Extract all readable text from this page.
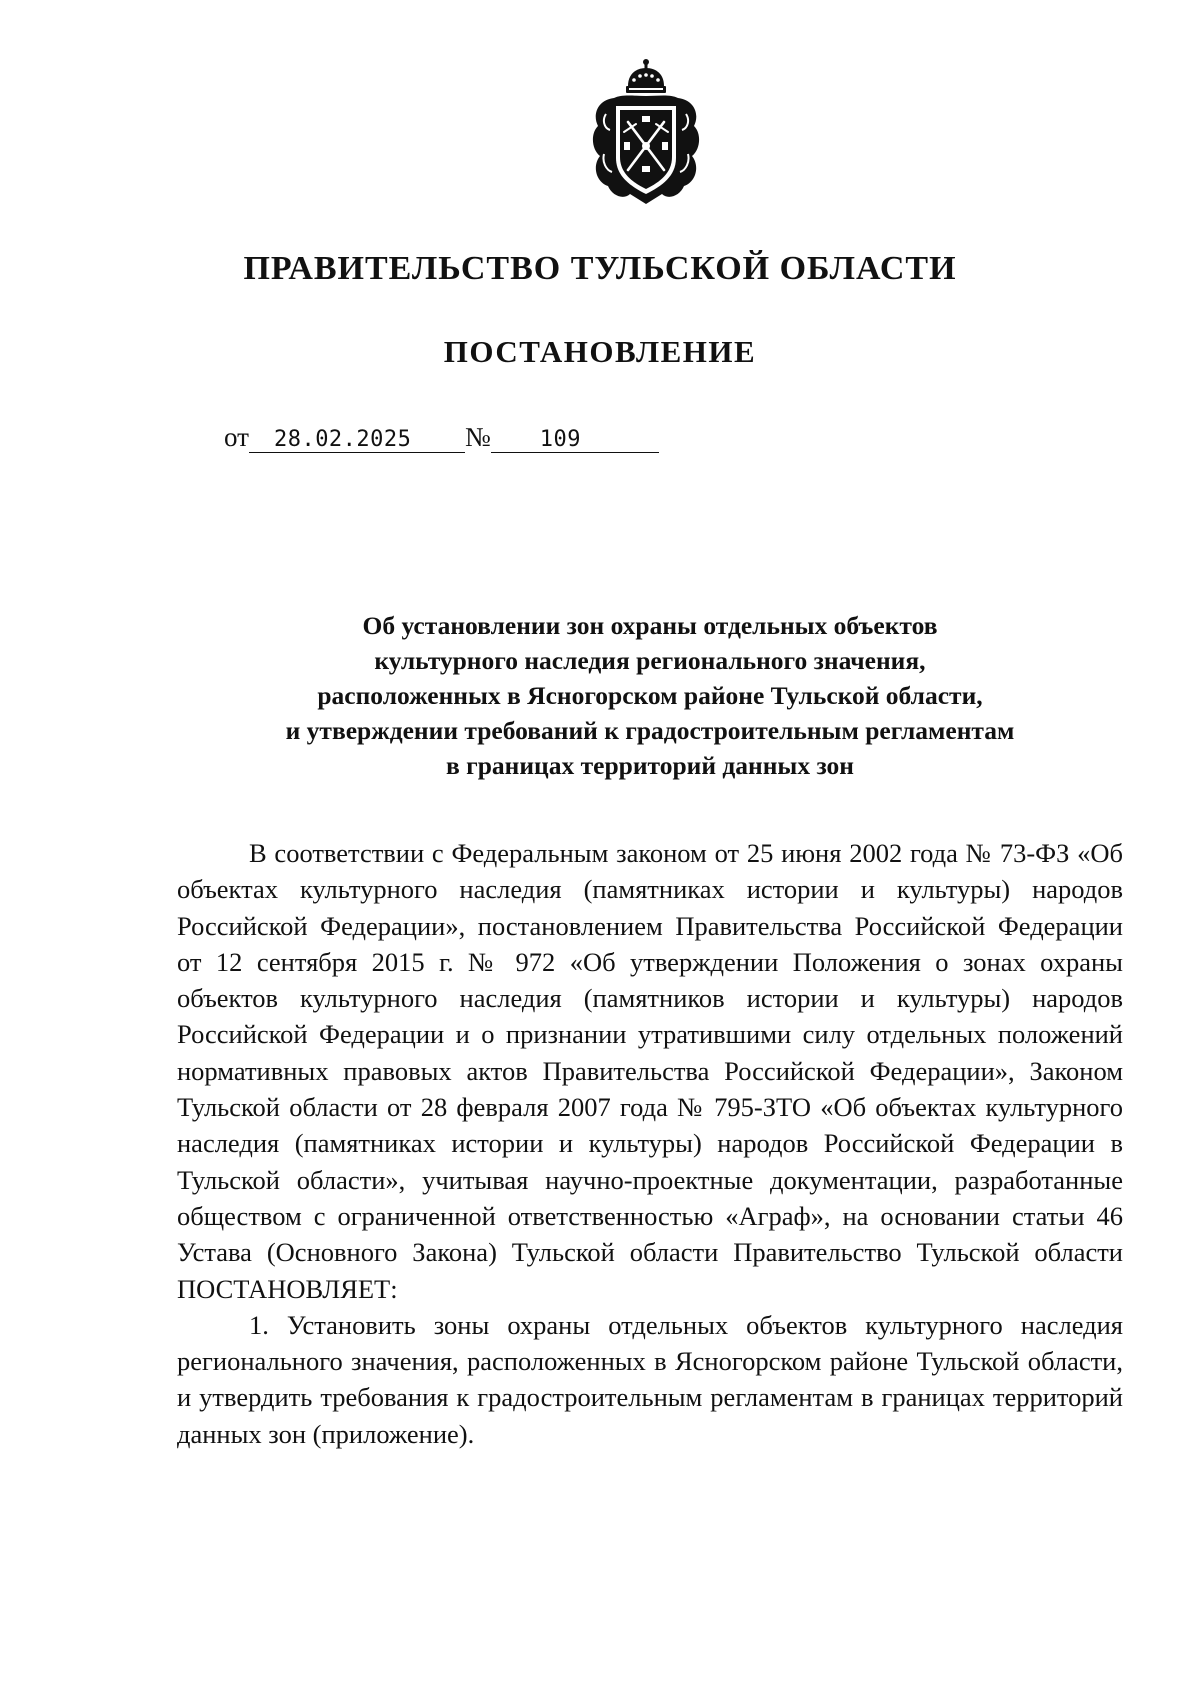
ПРАВИТЕЛЬСТВО ТУЛЬСКОЙ ОБЛАСТИ
ПОСТАНОВЛЕНИЕ
от 28.02.2025 № 109
Об установлении зон охраны отдельных объектов
культурного наследия регионального значения,
расположенных в Ясногорском районе Тульской области,
и утверждении требований к градостроительным регламентам
в границах территорий данных зон

В соответствии с Федеральным законом от 25 июня 2002 года № 73-ФЗ «Об объектах культурного наследия (памятниках истории и культуры) народов Российской Федерации», постановлением Правительства Российской Федерации от 12 сентября 2015 г. № 972 «Об утверждении Положения о зонах охраны объектов культурного наследия (памятников истории и культуры) народов Российской Федерации и о признании утратившими силу отдельных положений нормативных правовых актов Правительства Российской Федерации», Законом Тульской области от 28 февраля 2007 года № 795-ЗТО «Об объектах культурного наследия (памятниках истории и культуры) народов Российской Федерации в Тульской области», учитывая научно-проектные документации, разработанные обществом с ограниченной ответственностью «Аграф», на основании статьи 46 Устава (Основного Закона) Тульской области Правительство Тульской области

ПОСТАНОВЛЯЕТ:

1. Установить зоны охраны отдельных объектов культурного наследия регионального значения, расположенных в Ясногорском районе Тульской области, и утвердить требования к градостроительным регламентам в границах территорий данных зон (приложение).
